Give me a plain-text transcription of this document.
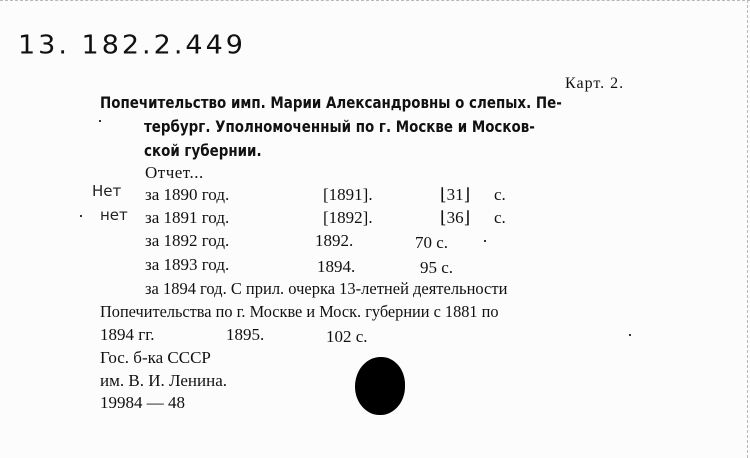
13. 182.2.449
Карт. 2.
Попечительство имп. Марии Александровны о слепых. Пе-
тербург. Уполномоченный по г. Москве и Москов-
ской губернии.
Отчет...
Нет
нет
за 1890 год.	[1891].	⌊31⌋ с.
за 1891 год.	[1892].	⌊36⌋ с.
за 1892 год.	1892.	70 с.
за 1893 год.	1894.	95 с.
за 1894 год. С прил. очерка 13-летней деятельности
Попечительства по г. Москве и Моск. губернии с 1881 по
1894 гг.	1895.	102 с.
Гос. б-ка СССР
им. В. И. Ленина.
19984 — 48
